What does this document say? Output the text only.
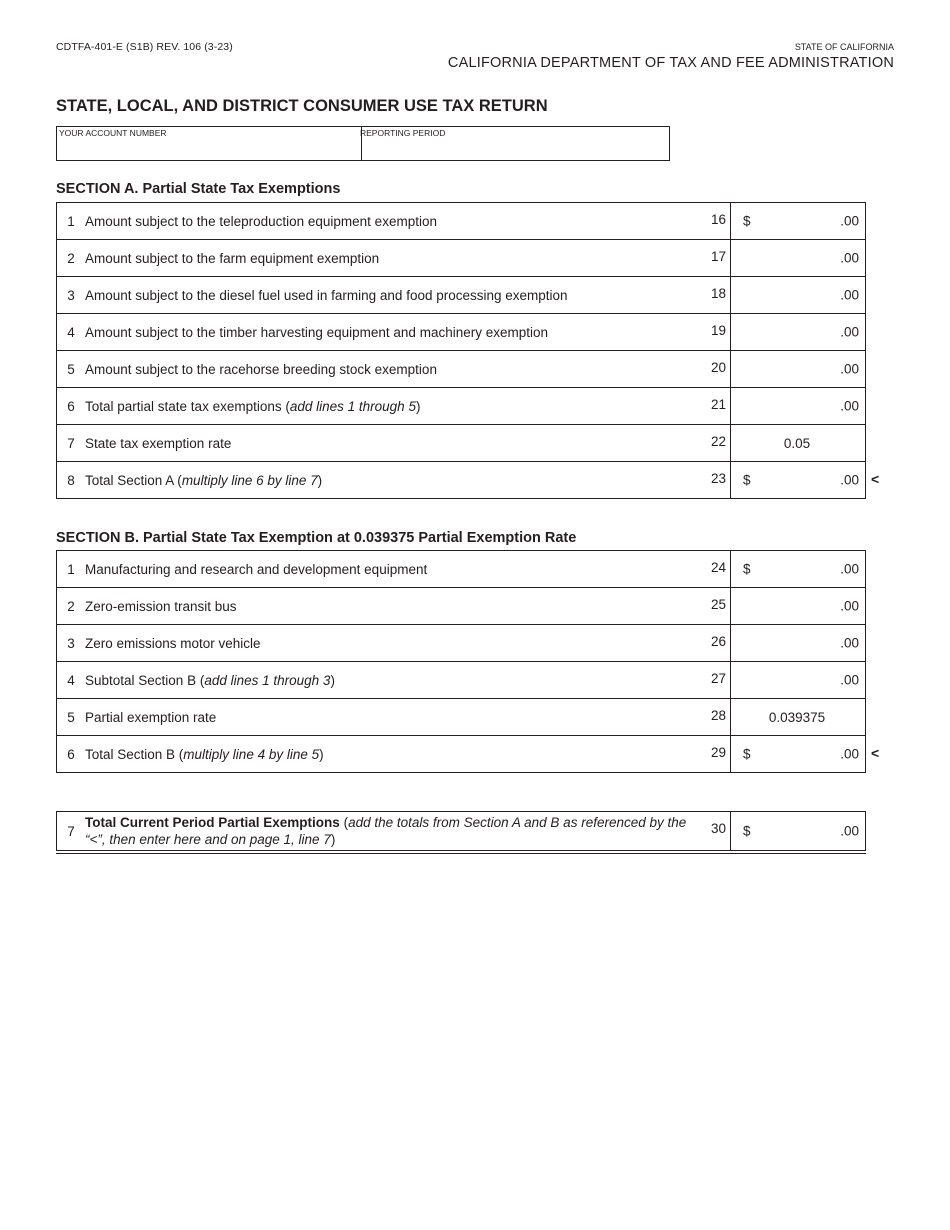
CDTFA-401-E (S1B) REV. 106 (3-23)	STATE OF CALIFORNIA
CALIFORNIA DEPARTMENT OF TAX AND FEE ADMINISTRATION
STATE, LOCAL, AND DISTRICT CONSUMER USE TAX RETURN
YOUR ACCOUNT NUMBER	REPORTING PERIOD
SECTION A. Partial State Tax Exemptions
1	Amount subject to the teleproduction equipment exemption	16	$ .00

2	Amount subject to the farm equipment exemption	17	.00

3	Amount subject to the diesel fuel used in farming and food processing exemption	18	.00

4	Amount subject to the timber harvesting equipment and machinery exemption	19	.00

5	Amount subject to the racehorse breeding stock exemption	20	.00

6	Total partial state tax exemptions (add lines 1 through 5)	21	.00

7	State tax exemption rate	22	0.05

8	Total Section A (multiply line 6 by line 7)	23	$ .00
SECTION B. Partial State Tax Exemption at 0.039375 Partial Exemption Rate
1	Manufacturing and research and development equipment	24	$ .00

2	Zero-emission transit bus	25	.00

3	Zero emissions motor vehicle	26	.00

4	Subtotal Section B (add lines 1 through 3)	27	.00

5	Partial exemption rate	28	0.039375

6	Total Section B (multiply line 4 by line 5)	29	$ .00
7	Total Current Period Partial Exemptions (add the totals from Section A and B as referenced by the “<”, then enter here and on page 1, line 7)	30	$	.00
<
<
